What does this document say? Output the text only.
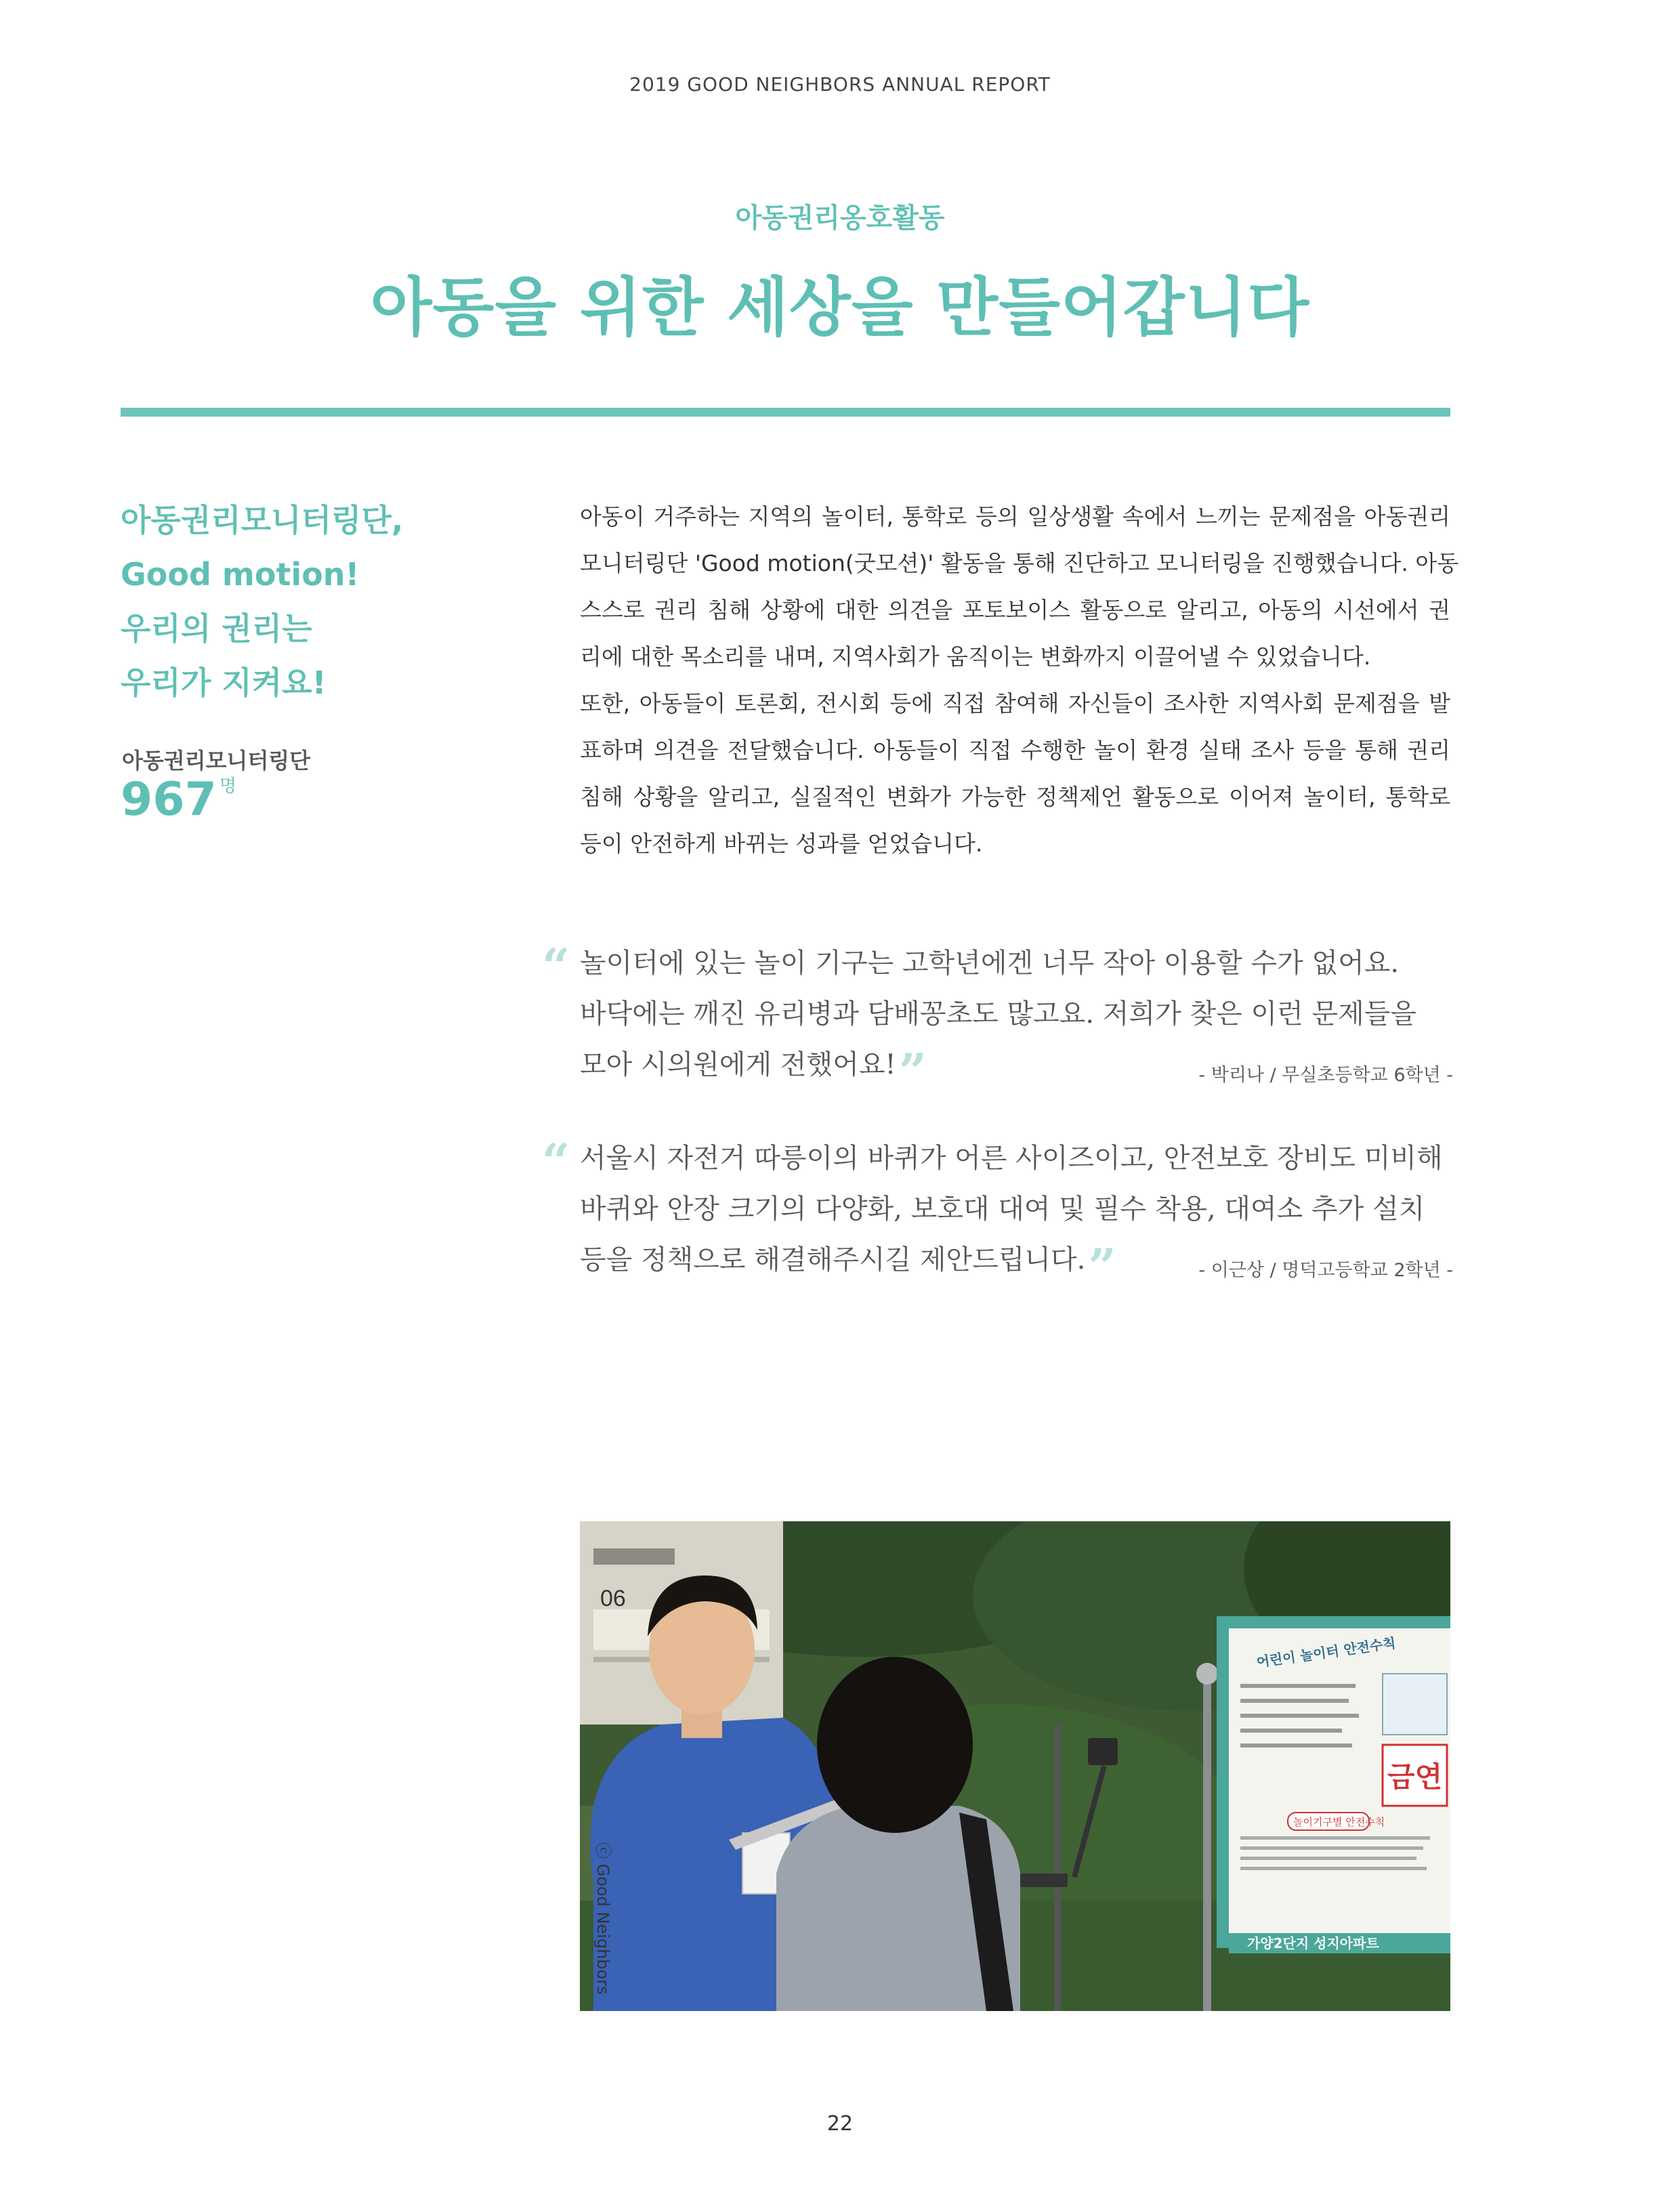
2019 GOOD NEIGHBORS ANNUAL REPORT
아동권리옹호활동
아동을 위한 세상을 만들어갑니다
아동권리모니터링단,
Good motion!
우리의 권리는
우리가 지켜요!
아동권리모니터링단
967 명
아동이 거주하는 지역의 놀이터, 통학로 등의 일상생활 속에서 느끼는 문제점을 아동권리
모니터링단 'Good motion(굿모션)' 활동을 통해 진단하고 모니터링을 진행했습니다. 아동
스스로 권리 침해 상황에 대한 의견을 포토보이스 활동으로 알리고, 아동의 시선에서 권
리에 대한 목소리를 내며, 지역사회가 움직이는 변화까지 이끌어낼 수 있었습니다.
또한, 아동들이 토론회, 전시회 등에 직접 참여해 자신들이 조사한 지역사회 문제점을 발
표하며 의견을 전달했습니다. 아동들이 직접 수행한 놀이 환경 실태 조사 등을 통해 권리
침해 상황을 알리고, 실질적인 변화가 가능한 정책제언 활동으로 이어져 놀이터, 통학로
등이 안전하게 바뀌는 성과를 얻었습니다.
“ 놀이터에 있는 놀이 기구는 고학년에겐 너무 작아 이용할 수가 없어요.
바닥에는 깨진 유리병과 담배꽁초도 많고요. 저희가 찾은 이런 문제들을
모아 시의원에게 전했어요!”	- 박리나 / 무실초등학교 6학년 -
“ 서울시 자전거 따릉이의 바퀴가 어른 사이즈이고, 안전보호 장비도 미비해
바퀴와 안장 크기의 다양화, 보호대 대여 및 필수 착용, 대여소 추가 설치
등을 정책으로 해결해주시길 제안드립니다.”	- 이근상 / 명덕고등학교 2학년 -
06
어린이 놀이터 안전수칙
금연
놀이기구별 안전수칙
가양2단지 성지아파트
ⓒ Good Neighbors
22
